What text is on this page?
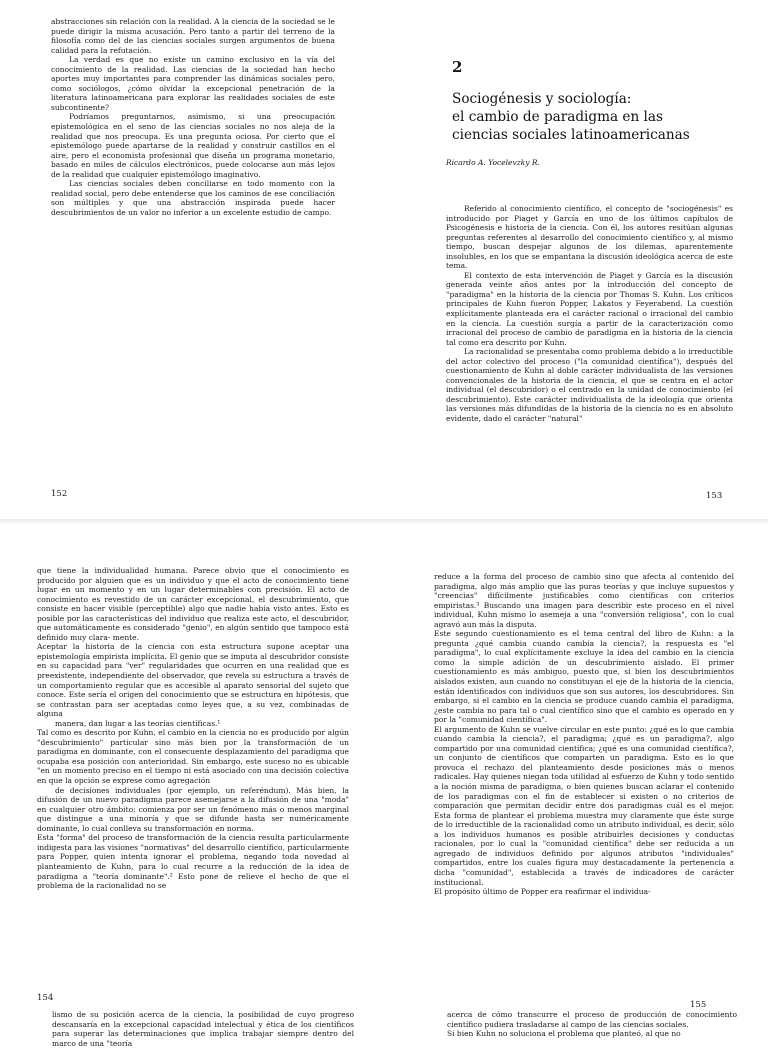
abstracciones sin relación con la realidad. A la ciencia de la sociedad se le puede dirigir la misma acusación. Pero tanto a partir del terreno de la filosofía como del de las ciencias sociales surgen argumentos de buena calidad para la refutación.

La verdad es que no existe un camino exclusivo en la vía del conocimiento de la realidad. Las ciencias de la sociedad han hecho aportes muy importantes para comprender las dinámicas sociales pero, como sociólogos, ¿cómo olvidar la excepcional penetración de la literatura latinoamericana para explorar las realidades sociales de este subcontinente?

Podríamos preguntarnos, asimismo, si una preocupación epistemológica en el seno de las ciencias sociales no nos aleja de la realidad que nos preocupa. Es una pregunta ociosa. Por cierto que el epistemólogo puede apartarse de la realidad y construir castillos en el aire, pero el economista profesional que diseña un programa monetario, basado en miles de cálculos electrónicos, puede colocarse aun más lejos de la realidad que cualquier epistemólogo imaginativo.

Las ciencias sociales deben conciliarse en todo momento con la realidad social, pero debe entenderse que los caminos de ese conciliación son múltiples y que una abstracción inspirada puede hacer descubrimientos de un valor no inferior a un excelente estudio de campo.

152
2
Sociogénesis y sociología:
el cambio de paradigma en las
ciencias sociales latinoamericanas
Ricardo A. Yocelevzky R.

Referido al conocimiento científico, el concepto de "sociogénesis" es introducido por Piaget y García en uno de los últimos capítulos de Psicogénesis e historia de la ciencia. Con él, los autores resitúan algunas preguntas referentes al desarrollo del conocimiento científico y, al mismo tiempo, buscan despejar algunos de los dilemas, aparentemente insolubles, en los que se empantana la discusión ideológica acerca de este tema.

El contexto de esta intervención de Piaget y García es la discusión generada veinte años antes por la introducción del concepto de "paradigma" en la historia de la ciencia por Thomas S. Kuhn. Los críticos principales de Kuhn fueron Popper, Lakatos y Feyerabend. La cuestión explícitamente planteada era el carácter racional o irracional del cambio en la ciencia. La cuestión surgía a partir de la caracterización como irracional del proceso de cambio de paradigma en la historia de la ciencia tal como era descrito por Kuhn.

La racionalidad se presentaba como problema debido a lo irreductible del actor colectivo del proceso ("la comunidad científica"), después del cuestionamiento de Kuhn al doble carácter individualista de las versiones convencionales de la historia de la ciencia, el que se centra en el actor individual (el descubridor) o el centrado en la unidad de conocimiento (el descubrimiento). Este carácter individualista de la ideología que orienta las versiones más difundidas de la historia de la ciencia no es en absoluto evidente, dado el carácter "natural"

153

que tiene la individualidad humana. Parece obvio que el conocimiento es producido por alguien que es un individuo y que el acto de conocimiento tiene lugar en un momento y en un lugar determinables con precisión. El acto de conocimiento es revestido de un carácter excepcional, el descubrimiento, que consiste en hacer visible (perceptible) algo que nadie había visto antes. Esto es posible por las características del individuo que realiza este acto, el descubridor, que automáticamente es considerado "genio", en algún sentido que tampoco está definido muy clara- mente.

Aceptar la historia de la ciencia con esta estructura supone aceptar una epistemología empirista implícita. El genio que se imputa al descubridor consiste en su capacidad para "ver" regularidades que ocurren en una realidad que es preexistente, independiente del observador, que revela su estructura a través de un comportamiento regular que es accesible al aparato sensorial del sujeto que conoce. Este sería el origen del conocimiento que se estructura en hipótesis, que se contrastan para ser aceptadas como leyes que, a su vez, combinadas de alguna

manera, dan lugar a las teorías científicas.¹

Tal como es descrito por Kuhn, el cambio en la ciencia no es producido por algún "descubrimiento" particular sino más bien por la transformación de un paradigma en dominante, con el consecuente desplazamiento del paradigma que ocupaba esa posición con anterioridad. Sin embargo, este suceso no es ubicable "en un momento preciso en el tiempo ni está asociado con una decisión colectiva en que la opción se exprese como agregación

de decisiones individuales (por ejemplo, un referéndum). Más bien, la difusión de un nuevo paradigma parece asemejarse a la difusión de una "moda" en cualquier otro ámbito; comienza por ser un fenómeno más o menos marginal que distingue a una minoría y que se difunde hasta ser numéricamente dominante, lo cual conlleva su transformación en norma.

Esta "forma" del proceso de transformación de la ciencia resulta particularmente indigesta para las visiones "normativas" del desarrollo científico, particularmente para Popper, quien intenta ignorar el problema, negando toda novedad al planteamiento de Kuhn, para lo cual recurre a la reducción de la idea de paradigma a "teoría dominante".² Esto pone de relieve el hecho de que el problema de la racionalidad no se

154

lismo de su posición acerca de la ciencia, la posibilidad de cuyo progreso descansaría en la excepcional capacidad intelectual y ética de los científicos para superar las determinaciones que implica trabajar siempre dentro del marco de una "teoría

reduce a la forma del proceso de cambio sino que afecta al contenido del paradigma, algo más amplio que las puras teorías y que incluye supuestos y "creencias" difícilmente justificables como científicas con criterios empiristas.³ Buscando una imagen para describir este proceso en el nivel individual, Kuhn mismo lo asemeja a una "conversión religiosa", con lo cual agravó aun más la disputa.

Este segundo cuestionamiento es el tema central del libro de Kuhn: a la pregunta ¿qué cambia cuando cambia la ciencia?, la respuesta es "el paradigma", lo cual explícitamente excluye la idea del cambio en la ciencia como la simple adición de un descubrimiento aislado. El primer cuestionamiento es más ambiguo, puesto que, si bien los descubrimientos aislados existen, aun cuando no constituyan el eje de la historia de la ciencia, están identificados con individuos que son sus autores, los descubridores. Sin embargo, si el cambio en la ciencia se produce cuando cambia el paradigma, ¿este cambia no para tal o cual científico sino que el cambio es operado en y por la "comunidad científica".

El argumento de Kuhn se vuelve circular en este punto: ¿qué es lo que cambia cuando cambia la ciencia?, el paradigma; ¿qué es un paradigma?, algo compartido por una comunidad científica; ¿qué es una comunidad científica?, un conjunto de científicos que comparten un paradigma. Esto es lo que provoca el rechazo del planteamiento desde posiciones más o menos radicales. Hay quienes niegan toda utilidad al esfuerzo de Kuhn y todo sentido a la noción misma de paradigma, o bien quienes buscan aclarar el contenido de los paradigmas con el fin de establecer si existen o no criterios de comparación que permitan decidir entre dos paradigmas cuál es el mejor. Esta forma de plantear el problema muestra muy claramente que éste surge de lo irreductible de la racionalidad como un atributo individual, es decir, sólo a los individuos humanos es posible atribuirles decisiones y conductas racionales, por lo cual la "comunidad científica" debe ser reducida a un agregado de individuos definido por algunos atributos "individuales" compartidos, entre los cuales figura muy destacadamente la pertenencia a dicha "comunidad", establecida a través de indicadores de carácter institucional.

El propósito último de Popper era reafirmar el individua-

155

acerca de cómo transcurre el proceso de producción de conocimiento científico pudiera trasladarse al campo de las ciencias sociales.

Si bien Kuhn no soluciona el problema que planteó, al que no
